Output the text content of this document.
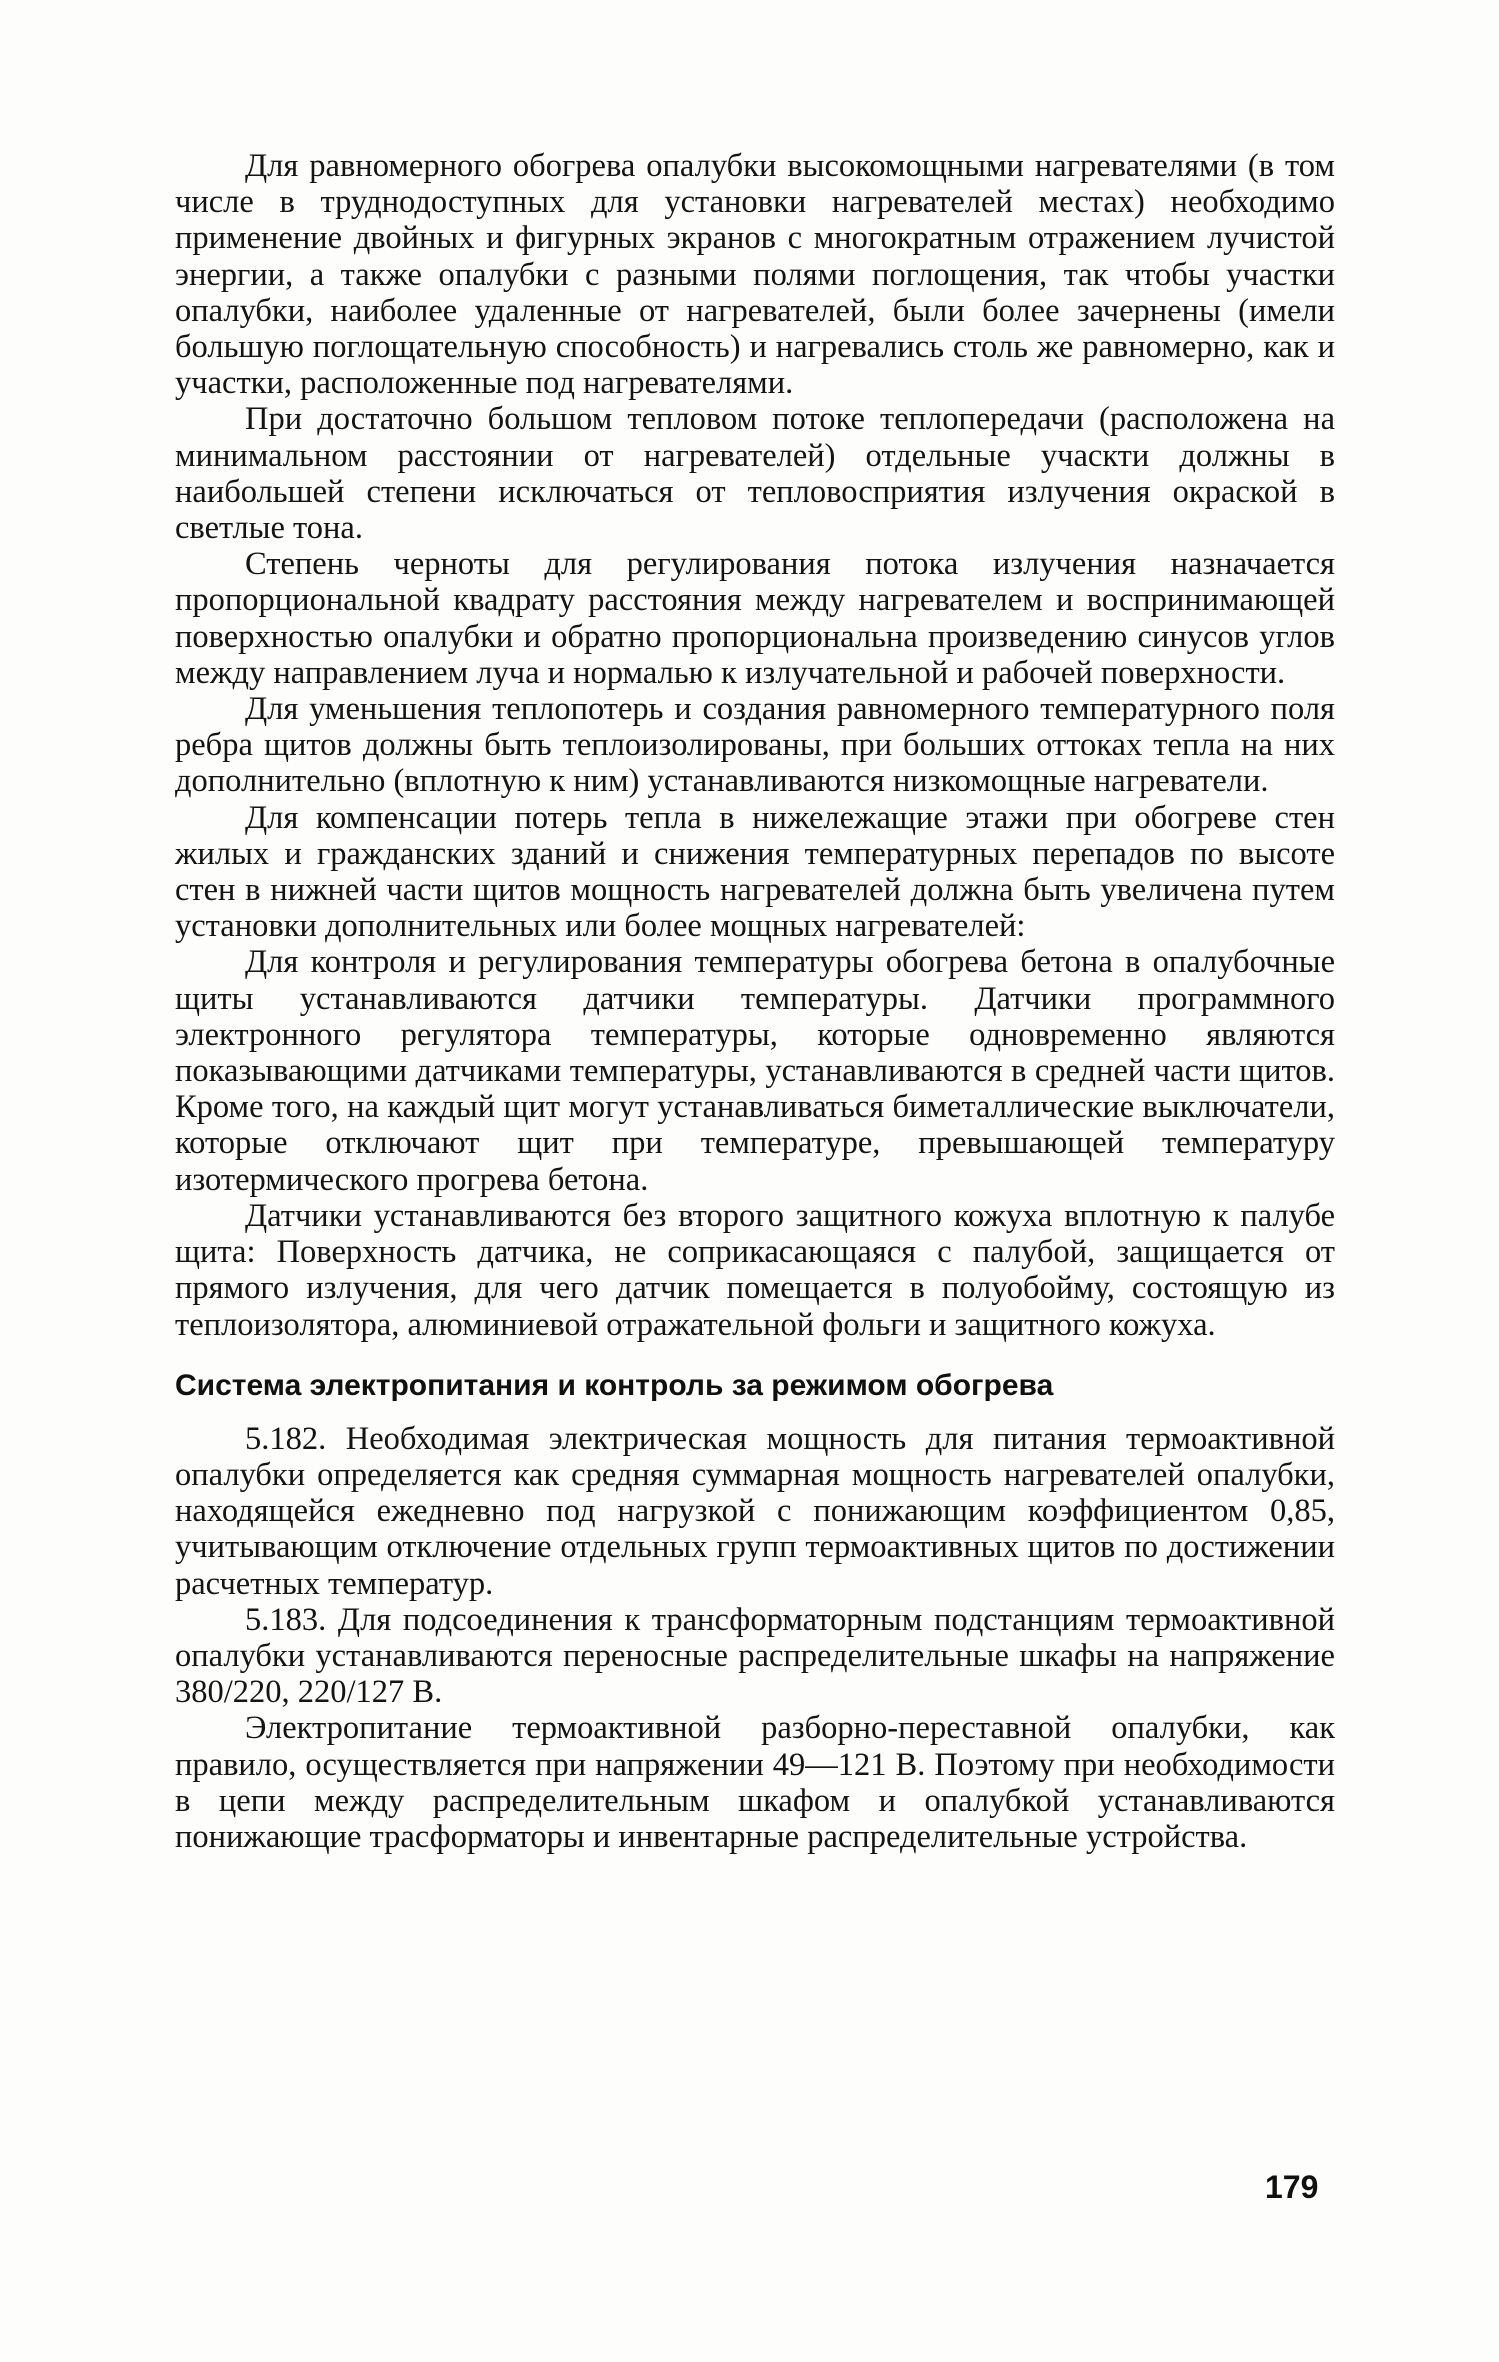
Для равномерного обогрева опалубки высокомощными нагревателями (в том числе в труднодоступных для установки нагревателей местах) необходимо применение двойных и фигурных экранов с многократным отражением лучистой энергии, а также опалубки с разными полями поглощения, так чтобы участки опалубки, наиболее удаленные от нагревателей, были более зачернены (имели большую поглощательную способность) и нагревались столь же равномерно, как и участки, расположенные под нагревателями.

При достаточно большом тепловом потоке теплопередачи (расположена на минимальном расстоянии от нагревателей) отдельные учаскти должны в наибольшей степени исключаться от тепловосприятия излучения окраской в светлые тона.

Степень черноты для регулирования потока излучения назначается пропорциональной квадрату расстояния между нагревателем и воспринимающей поверхностью опалубки и обратно пропорциональна произведению синусов углов между направлением луча и нормалью к излучательной и рабочей поверхности.

Для уменьшения теплопотерь и создания равномерного температурного поля ребра щитов должны быть теплоизолированы, при больших оттоках тепла на них дополнительно (вплотную к ним) устанавливаются низкомощные нагреватели.

Для компенсации потерь тепла в нижележащие этажи при обогреве стен жилых и гражданских зданий и снижения температурных перепадов по высоте стен в нижней части щитов мощность нагревателей должна быть увеличена путем установки дополнительных или более мощных нагревателей:

Для контроля и регулирования температуры обогрева бетона в опалубочные щиты устанавливаются датчики температуры. Датчики программного электронного регулятора температуры, которые одновременно являются показывающими датчиками температуры, устанавливаются в средней части щитов. Кроме того, на каждый щит могут устанавливаться биметаллические выключатели, которые отключают щит при температуре, превышающей температуру изотермического прогрева бетона.

Датчики устанавливаются без второго защитного кожуха вплотную к палубе щита: Поверхность датчика, не соприкасающаяся с палубой, защищается от прямого излучения, для чего датчик помещается в полуобойму, состоящую из теплоизолятора, алюминиевой отражательной фольги и защитного кожуха.

Система электропитания и контроль за режимом обогрева

5.182. Необходимая электрическая мощность для питания термоактивной опалубки определяется как средняя суммарная мощность нагревателей опалубки, находящейся ежедневно под нагрузкой с понижающим коэффициентом 0,85, учитывающим отключение отдельных групп термоактивных щитов по достижении расчетных температур.

5.183. Для подсоединения к трансформаторным подстанциям термоактивной опалубки устанавливаются переносные распределительные шкафы на напряжение 380/220, 220/127 В.

Электропитание термоактивной разборно-переставной опалубки, как правило, осуществляется при напряжении 49—121 В. Поэтому при необходимости в цепи между распределительным шкафом и опалубкой устанавливаются понижающие трасформаторы и инвентарные распределительные устройства.

179
